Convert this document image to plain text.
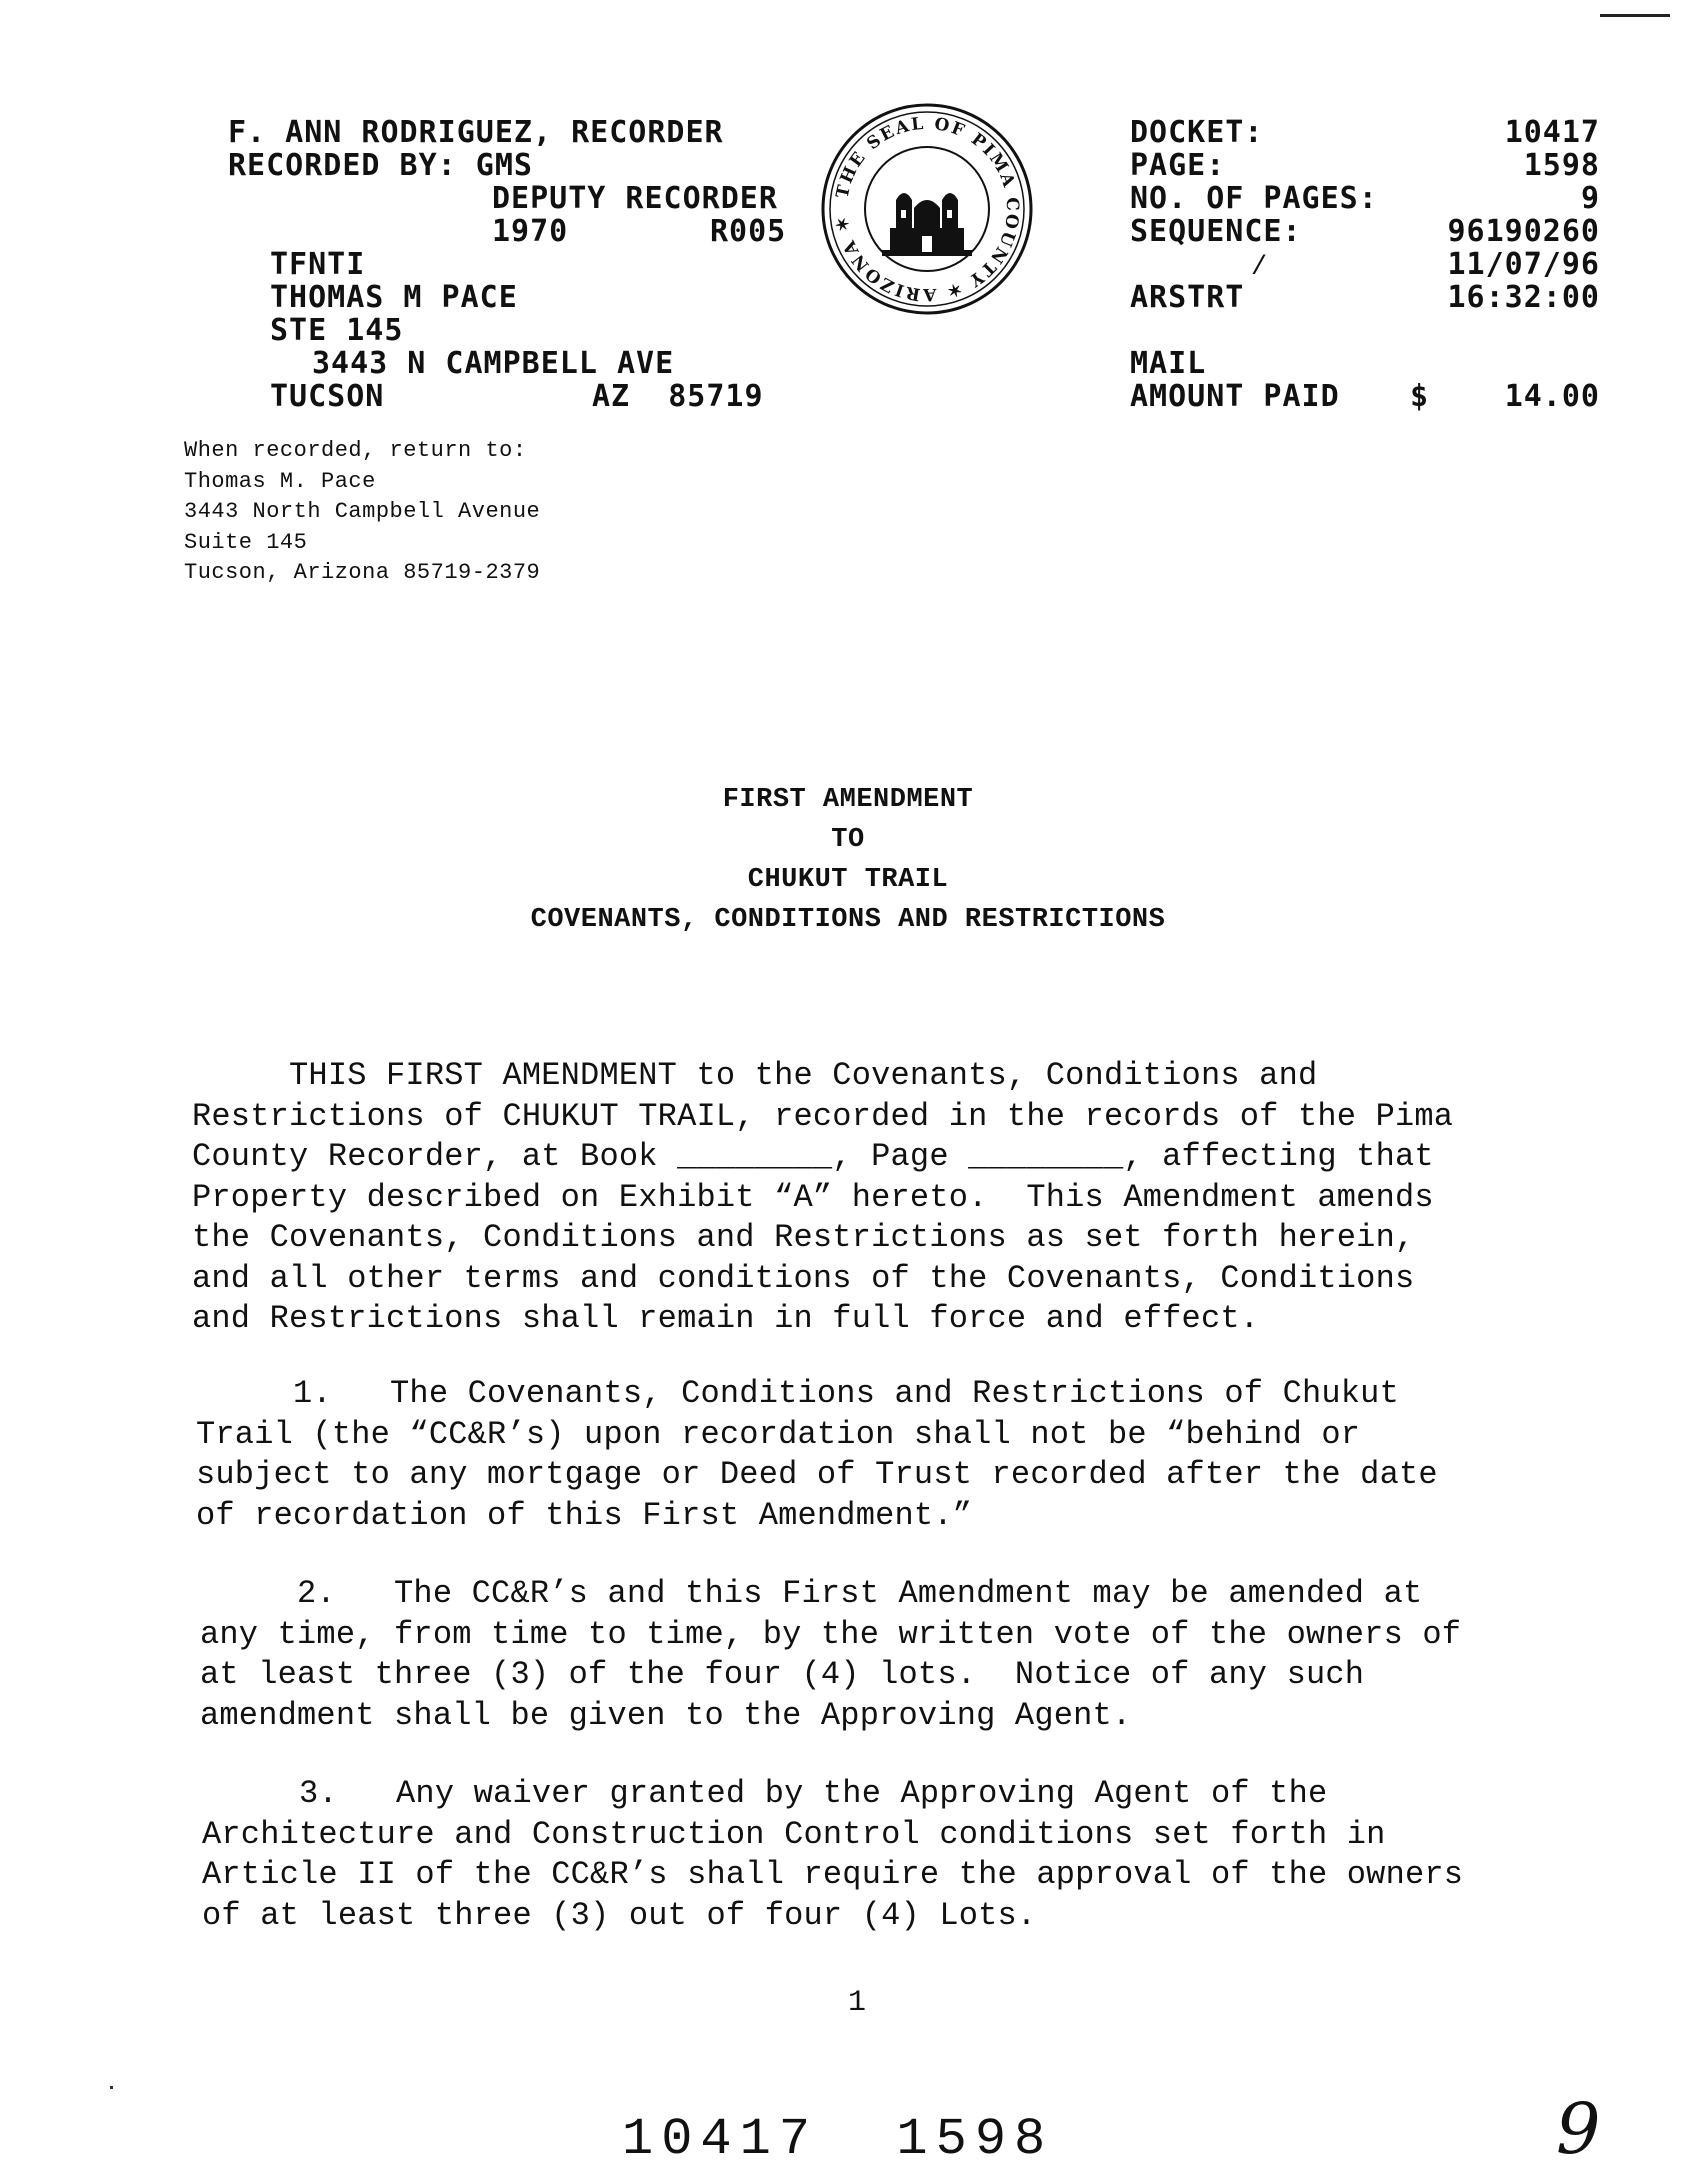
F. ANN RODRIGUEZ, RECORDER
RECORDED BY: GMS
DEPUTY RECORDER
1970	R005
TFNTI
THOMAS M PACE
STE 145
3443 N CAMPBELL AVE
TUCSON	AZ  85719
THE SEAL OF PIMA COUNTY ✶ ARIZONA ✶
DOCKET:	10417
PAGE:	1598
NO. OF PAGES:	9
SEQUENCE:	96190260
⁄	11/07/96
ARSTRT	16:32:00
MAIL
AMOUNT PAID $	14.00
When recorded, return to:
Thomas M. Pace
3443 North Campbell Avenue
Suite 145
Tucson, Arizona 85719-2379
FIRST AMENDMENT
TO
CHUKUT TRAIL
COVENANTS, CONDITIONS AND RESTRICTIONS
THIS FIRST AMENDMENT to the Covenants, Conditions and
Restrictions of CHUKUT TRAIL, recorded in the records of the Pima
County Recorder, at Book ________, Page ________, affecting that
Property described on Exhibit “A” hereto.  This Amendment amends
the Covenants, Conditions and Restrictions as set forth herein,
and all other terms and conditions of the Covenants, Conditions
and Restrictions shall remain in full force and effect.
1.   The Covenants, Conditions and Restrictions of Chukut
Trail (the “CC&R’s) upon recordation shall not be “behind or
subject to any mortgage or Deed of Trust recorded after the date
of recordation of this First Amendment.”
2.   The CC&R’s and this First Amendment may be amended at
any time, from time to time, by the written vote of the owners of
at least three (3) of the four (4) lots.  Notice of any such
amendment shall be given to the Approving Agent.
3.   Any waiver granted by the Approving Agent of the
Architecture and Construction Control conditions set forth in
Article II of the CC&R’s shall require the approval of the owners
of at least three (3) out of four (4) Lots.
1
10417  1598	9
